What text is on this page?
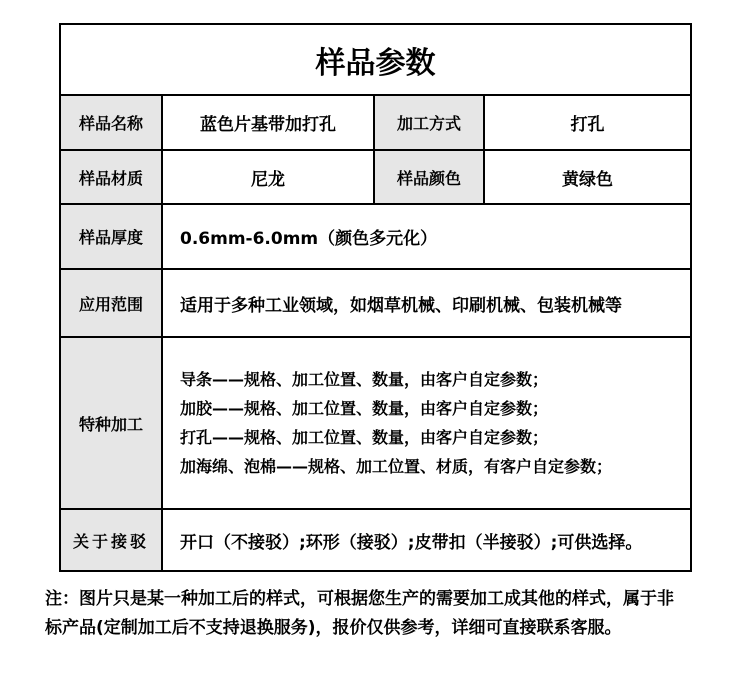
样品参数			
样品名称	蓝色片基带加打孔	加工方式	打孔
样品材质	尼龙	样品颜色	黄绿色
样品厚度	0.6mm-6.0mm（颜色多元化）		
应用范围	适用于多种工业领域，如烟草机械、印刷机械、包装机械等		
特种加工	导条——规格、加工位置、数量，由客户自定参数；
加胶——规格、加工位置、数量，由客户自定参数；
打孔——规格、加工位置、数量，由客户自定参数；
加海绵、泡棉——规格、加工位置、材质，有客户自定参数；		

关于接驳	开口（不接驳）;环形（接驳）;皮带扣（半接驳）;可供选择。		
注：图片只是某一种加工后的样式，可根据您生产的需要加工成其他的样式，属于非
标产品(定制加工后不支持退换服务)，报价仅供参考，详细可直接联系客服。
